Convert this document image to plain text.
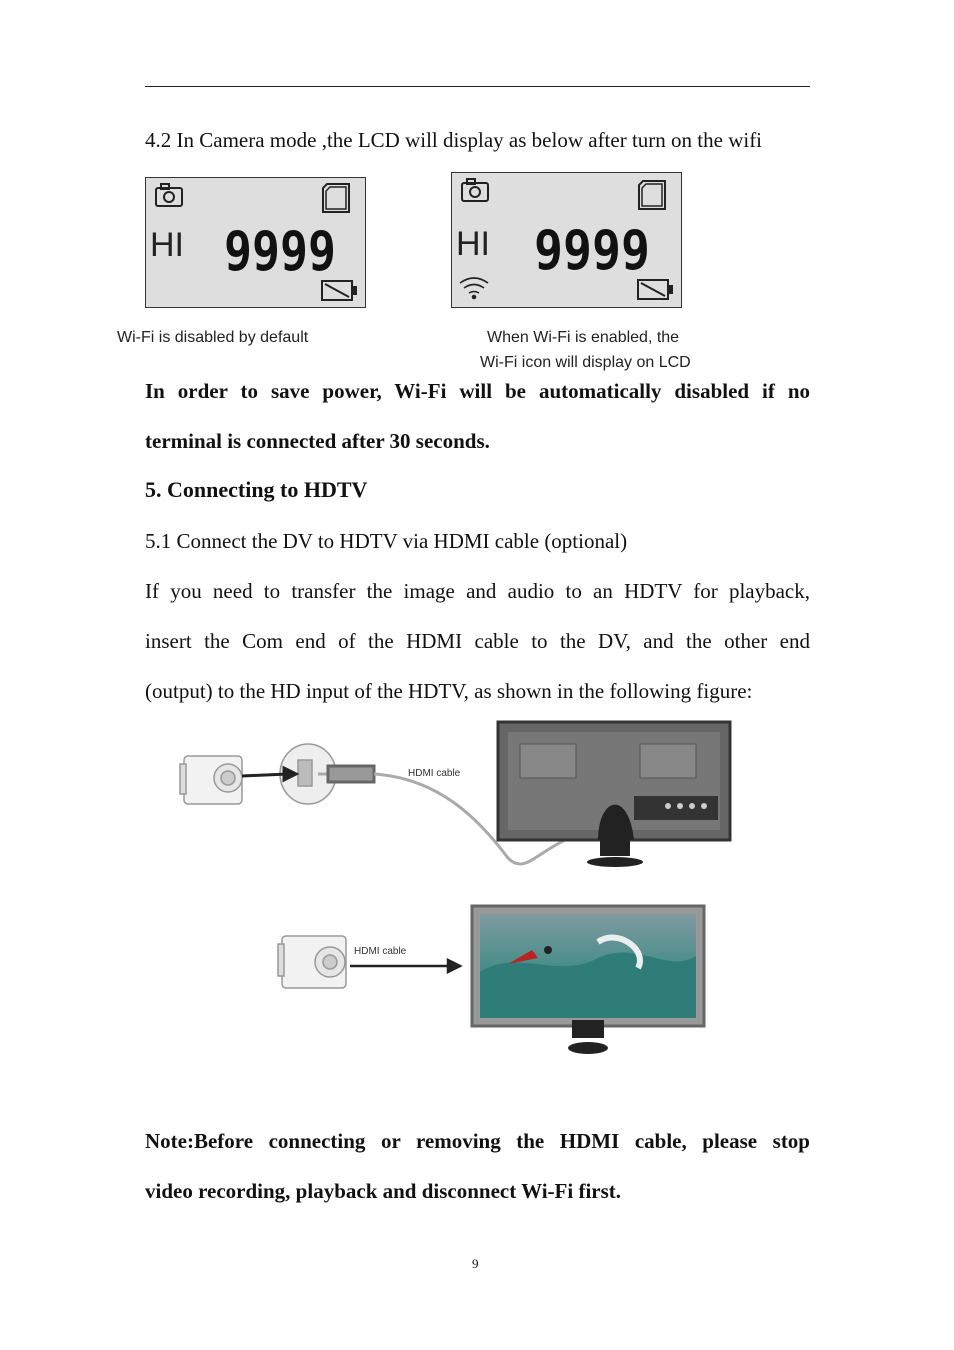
4.2 In Camera mode ,the LCD will display as below after turn on the wifi
HI 9999	HI 9999
Wi-Fi is disabled by default	When Wi-Fi is enabled, the
Wi-Fi icon will display on LCD
In order to save power, Wi-Fi will be automatically disabled if no
terminal is connected after 30 seconds.
5. Connecting to HDTV
5.1 Connect the DV to HDTV via HDMI cable (optional)
If you need to transfer the image and audio to an HDTV for playback,
insert the Com end of the HDMI cable to the DV, and the other end
(output) to the HD input of the HDTV, as shown in the following figure:
HDMI cable
HDMI cable
Note:Before connecting or removing the HDMI cable, please stop
video recording, playback and disconnect Wi-Fi first.
9
